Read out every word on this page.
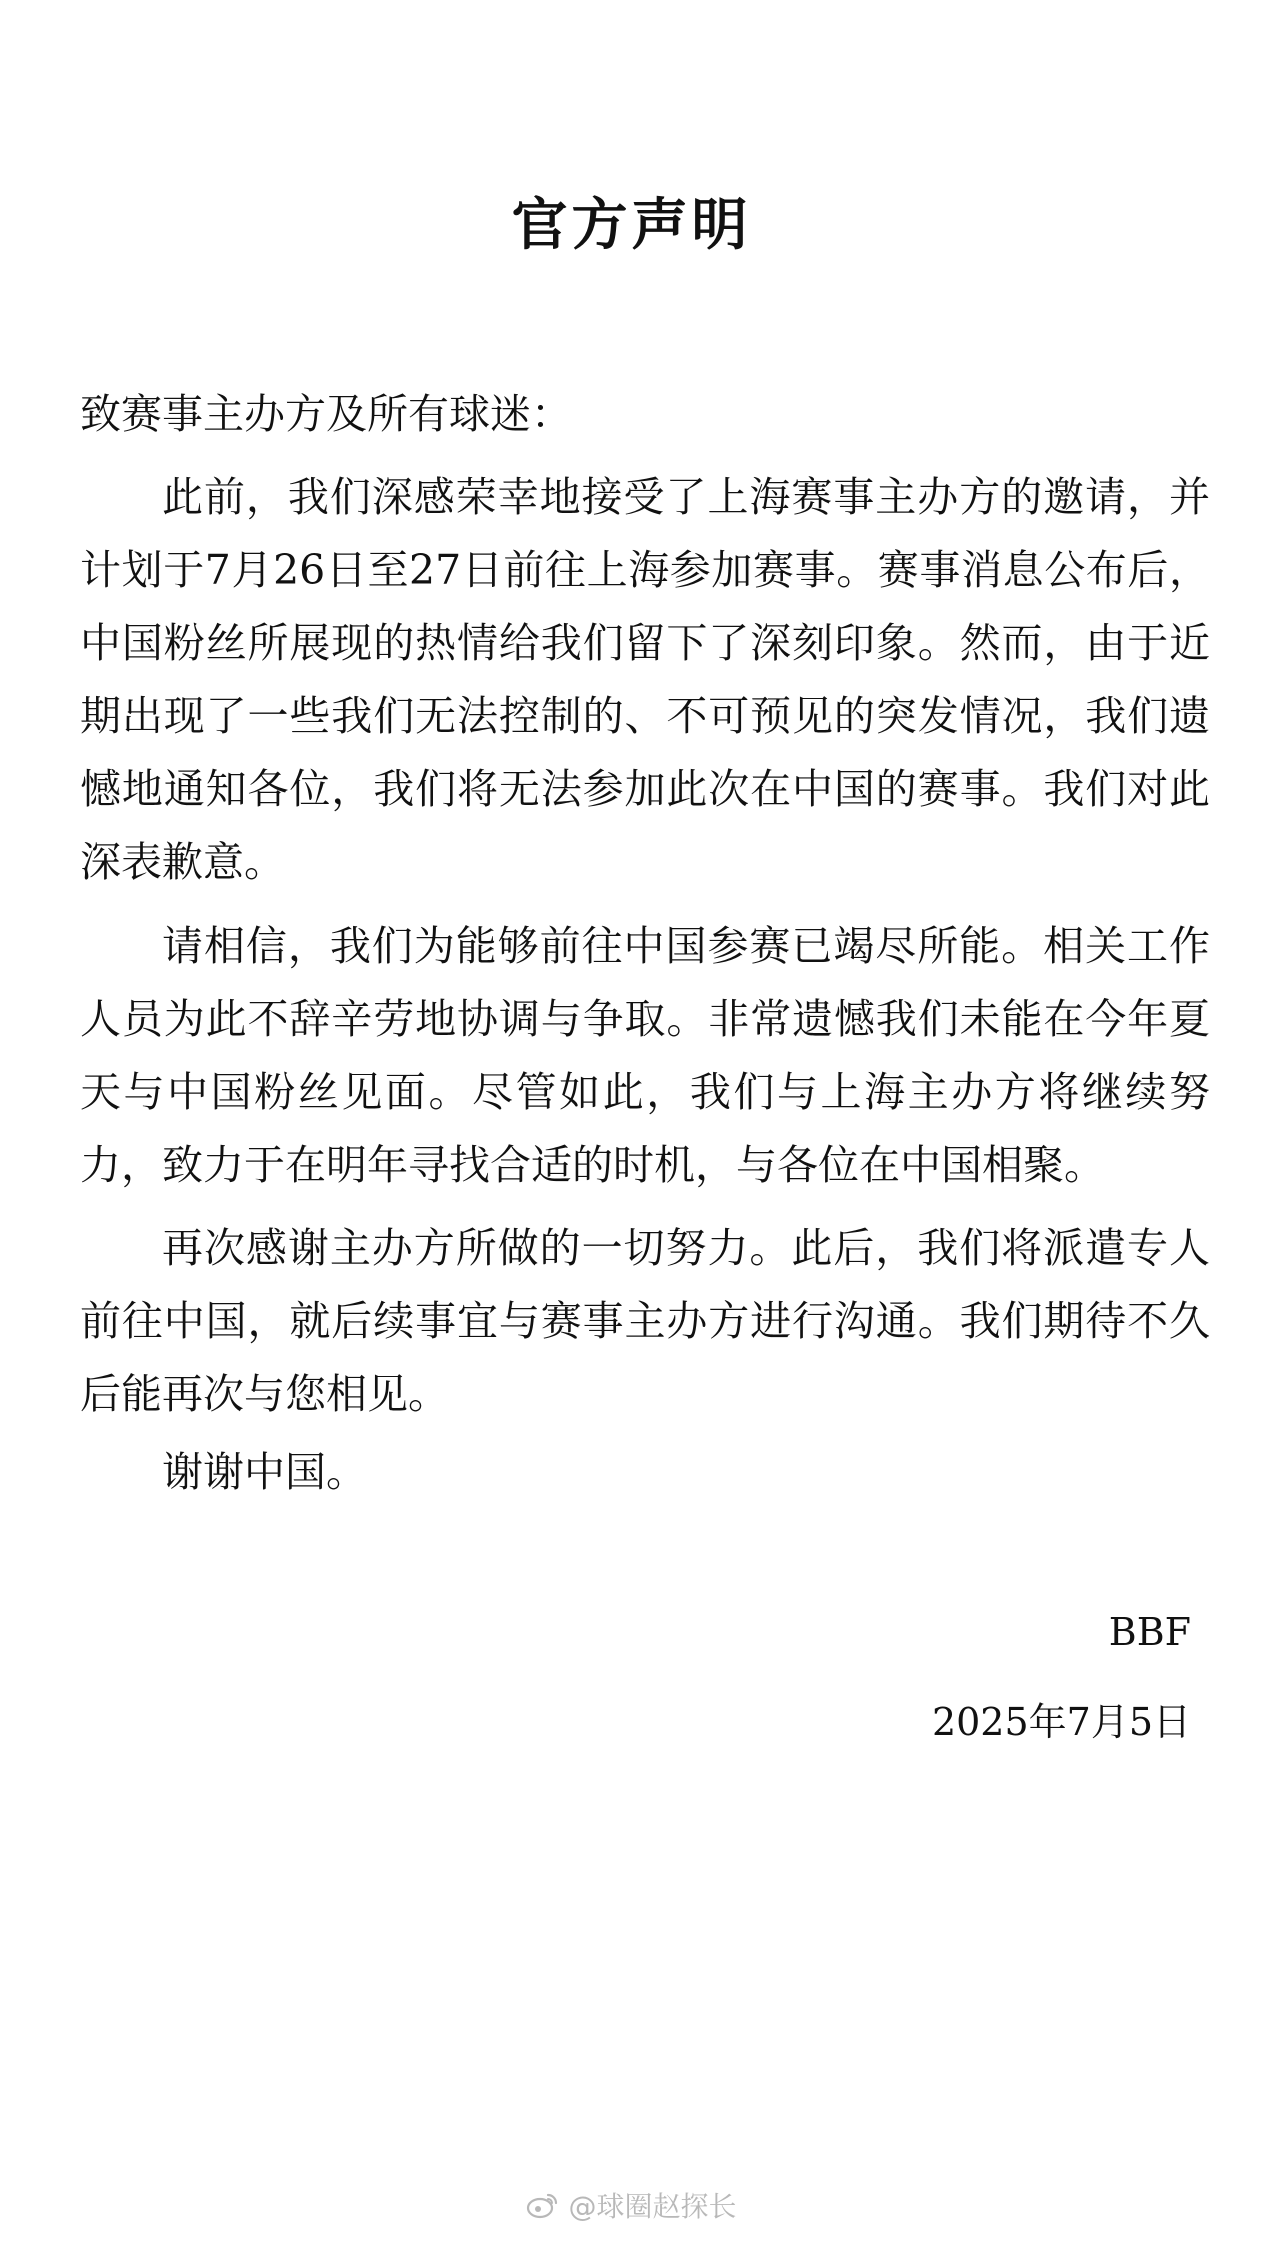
官方声明

致赛事主办方及所有球迷：

此前，我们深感荣幸地接受了上海赛事主办方的邀请，并计划于7月26日至27日前往上海参加赛事。赛事消息公布后，中国粉丝所展现的热情给我们留下了深刻印象。然而，由于近期出现了一些我们无法控制的、不可预见的突发情况，我们遗憾地通知各位，我们将无法参加此次在中国的赛事。我们对此深表歉意。

请相信，我们为能够前往中国参赛已竭尽所能。相关工作人员为此不辞辛劳地协调与争取。非常遗憾我们未能在今年夏天与中国粉丝见面。尽管如此，我们与上海主办方将继续努力，致力于在明年寻找合适的时机，与各位在中国相聚。

再次感谢主办方所做的一切努力。此后，我们将派遣专人前往中国，就后续事宜与赛事主办方进行沟通。我们期待不久后能再次与您相见。

谢谢中国。

BBF

2025年7月5日

@球圈赵探长
